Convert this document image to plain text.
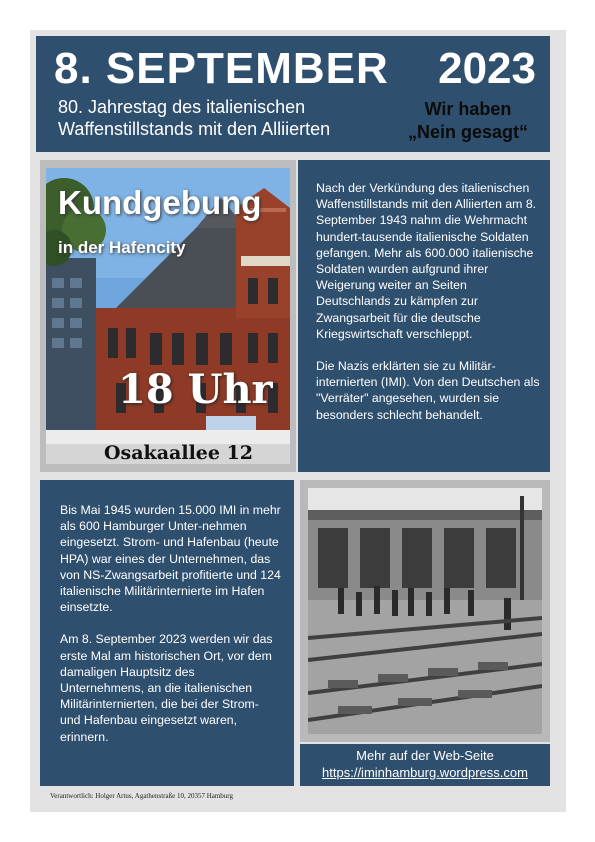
8. SEPTEMBER 2023
80. Jahrestag des italienischen
Waffenstillstands mit den Alliierten
Wir haben
„Nein gesagt“
Kundgebung
in der Hafencity
18 Uhr
Osakaallee 12

Nach der Verkündung des italienischen Waffenstillstands mit den Alliierten am 8. September 1943 nahm die Wehrmacht hundert-tausende italienische Soldaten gefangen. Mehr als 600.000 italienische Soldaten wurden aufgrund ihrer Weigerung weiter an Seiten Deutschlands zu kämpfen zur Zwangsarbeit für die deutsche Kriegswirtschaft verschleppt.

Die Nazis erklärten sie zu Militär-internierten (IMI). Von den Deutschen als "Verräter" angesehen, wurden sie besonders schlecht behandelt.

Bis Mai 1945 wurden 15.000 IMI in mehr als 600 Hamburger Unter-nehmen eingesetzt. Strom- und Hafenbau (heute HPA) war eines der Unternehmen, das von NS-Zwangsarbeit profitierte und 124 italienische Militärinternierte im Hafen einsetzte.

Am 8. September 2023 werden wir das erste Mal am historischen Ort, vor dem damaligen Hauptsitz des Unternehmens, an die italienischen Militärinternierten, die bei der Strom- und Hafenbau eingesetzt waren, erinnern.

Mehr auf der Web-Seite
https://iminhamburg.wordpress.com
Verantwortlich: Holger Artus, Agathenstraße 10, 20357 Hamburg
